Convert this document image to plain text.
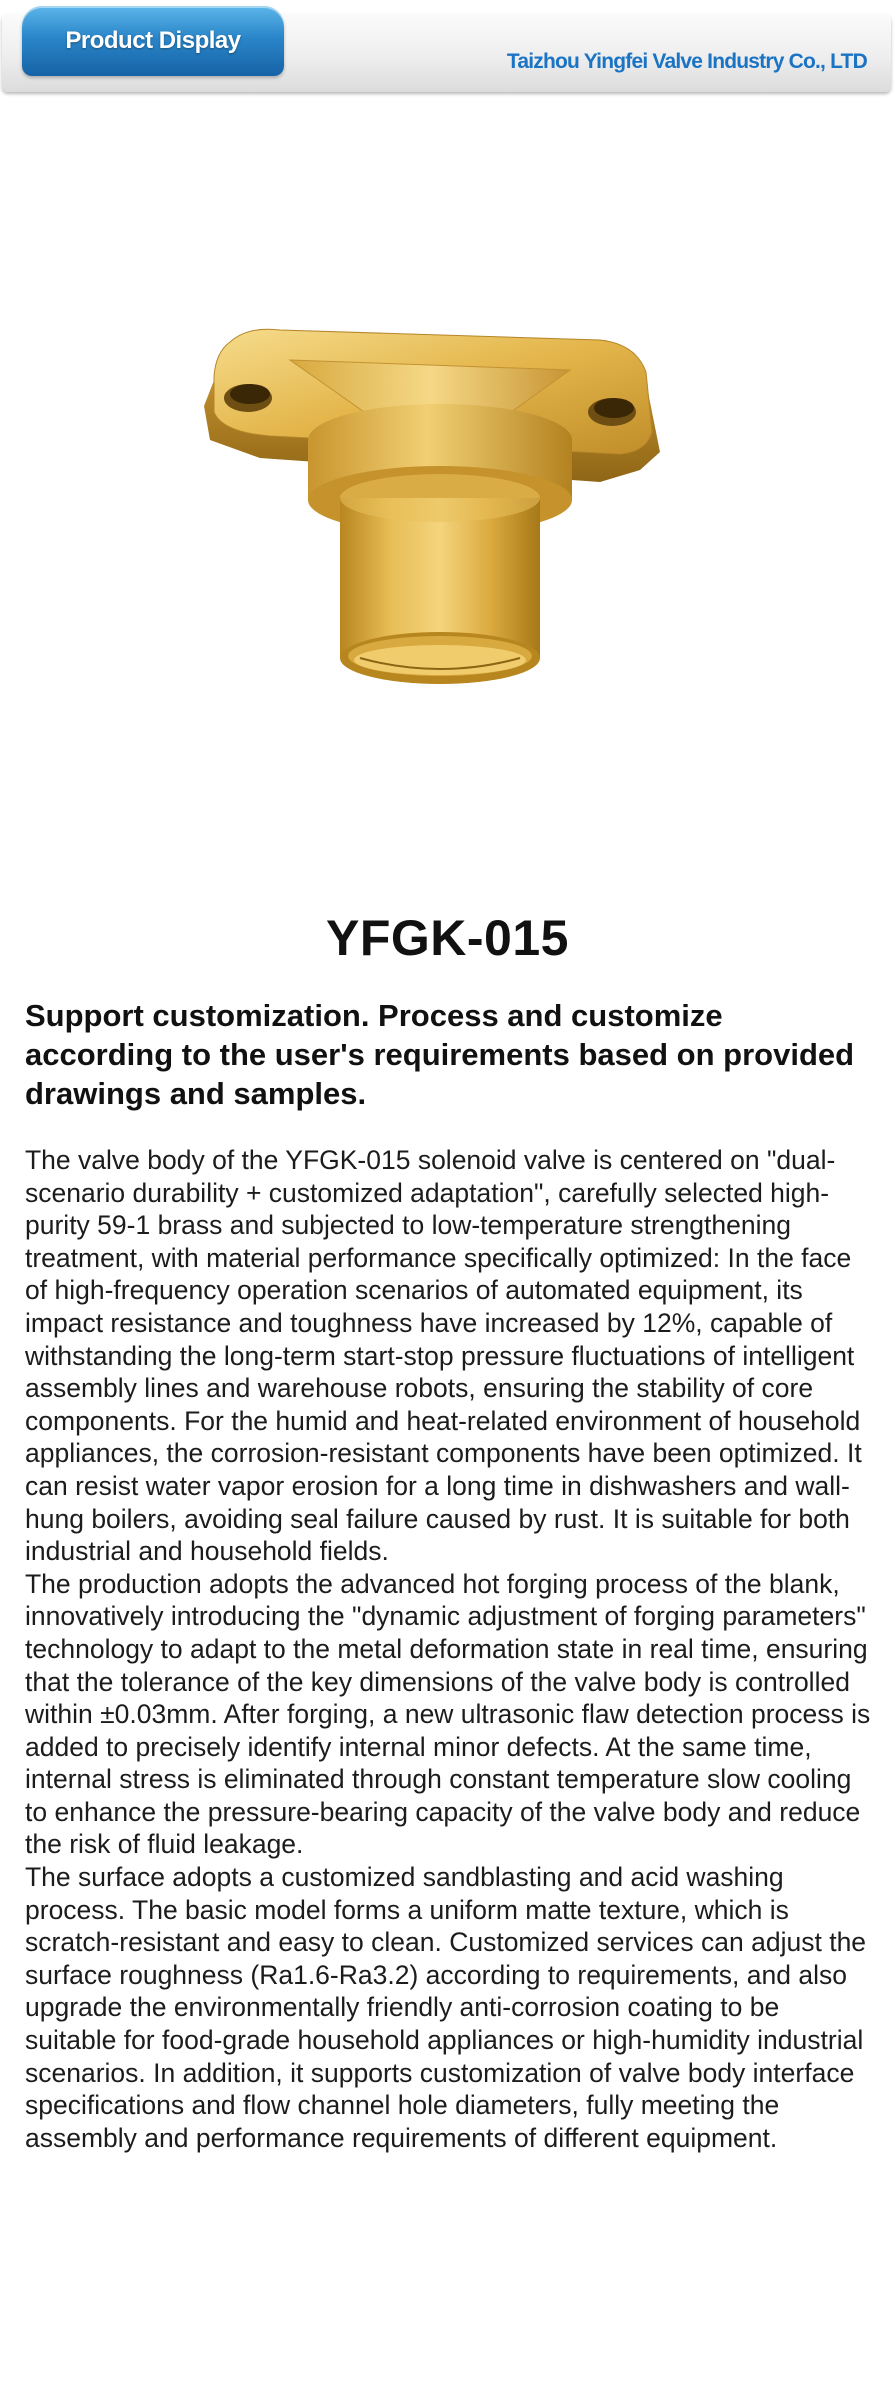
Product Display
Taizhou Yingfei Valve Industry Co., LTD
YFGK-015
Support customization. Process and customize according to the user's requirements based on provided drawings and samples.

The valve body of the YFGK-015 solenoid valve is centered on "dual-scenario durability + customized adaptation", carefully selected high-purity 59-1 brass and subjected to low-temperature strengthening treatment, with material performance specifically optimized: In the face of high-frequency operation scenarios of automated equipment, its impact resistance and toughness have increased by 12%, capable of withstanding the long-term start-stop pressure fluctuations of intelligent assembly lines and warehouse robots, ensuring the stability of core components. For the humid and heat-related environment of household appliances, the corrosion-resistant components have been optimized. It can resist water vapor erosion for a long time in dishwashers and wall-hung boilers, avoiding seal failure caused by rust. It is suitable for both industrial and household fields.

The production adopts the advanced hot forging process of the blank, innovatively introducing the "dynamic adjustment of forging parameters" technology to adapt to the metal deformation state in real time, ensuring that the tolerance of the key dimensions of the valve body is controlled within ±0.03mm. After forging, a new ultrasonic flaw detection process is added to precisely identify internal minor defects. At the same time, internal stress is eliminated through constant temperature slow cooling to enhance the pressure-bearing capacity of the valve body and reduce the risk of fluid leakage.

The surface adopts a customized sandblasting and acid washing process. The basic model forms a uniform matte texture, which is scratch-resistant and easy to clean. Customized services can adjust the surface roughness (Ra1.6-Ra3.2) according to requirements, and also upgrade the environmentally friendly anti-corrosion coating to be suitable for food-grade household appliances or high-humidity industrial scenarios. In addition, it supports customization of valve body interface specifications and flow channel hole diameters, fully meeting the assembly and performance requirements of different equipment.
